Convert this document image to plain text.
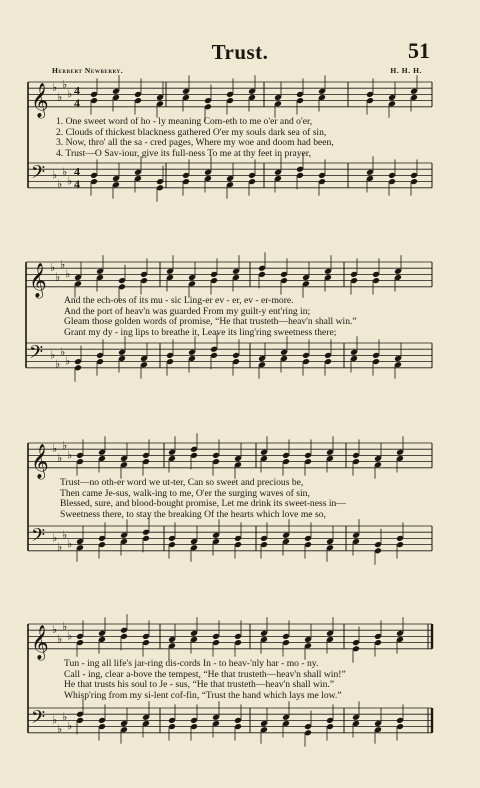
Trust.	51
Herbert Newberry.	H. H. H.
𝄞 ♭
♭
♭
♭ 4
4
𝄢 ♭
♭
♭
♭
4
4
𝄞 ♭
♭
♭
♭
𝄢 ♭
♭
♭
♭
𝄞 ♭
♭
♭
♭
𝄢 ♭
♭
♭
♭
𝄞 ♭
♭
♭
♭
𝄢 ♭
♭
♭
♭
1. One sweet word of ho - ly meaning Com-eth to me o'er and o'er,
2. Clouds of thickest blackness gathered O'er my souls dark sea of sin,
3. Now, thro' all the sa - cred pages, Where my woe and doom had been,
4. Trust—O Sav-iour, give its full-ness To me at thy feet in prayer,
And the ech-oes of its mu - sic Ling-er ev - er, ev - er-more.
And the port of heav'n was guarded From my guilt-y ent'ring in;
Gleam those golden words of promise, “He that trusteth—heav'n shall win.”
Grant my dy - ing lips to breathe it, Leave its ling'ring sweetness there;
Trust—no oth-er word we ut-ter, Can so sweet and precious be,
Then came Je-sus, walk-ing to me, O'er the surging waves of sin,
Blessed, sure, and blood-bought promise, Let me drink its sweet-ness in—
Sweetness there, to stay the breaking Of the hearts which love me so,
Tun - ing all life's jar-ring dis-cords In - to heav-'nly har - mo - ny.
Call - ing, clear a-bove the tempest, “He that trusteth—heav'n shall win!”
He that trusts his soul to Je - sus, “He that trusteth—heav'n shall win.”
Whisp'ring from my si-lent cof-fin, “Trust the hand which lays me low.”
